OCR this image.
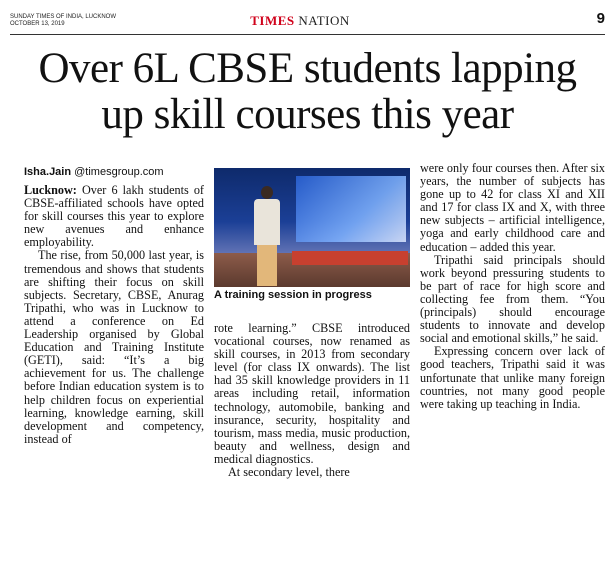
SUNDAY TIMES OF INDIA, LUCKNOW
OCTOBER 13, 2019	TIMES NATION	9
Over 6L CBSE students lapping
up skill courses this year
Isha.Jain @timesgroup.com

Lucknow: Over 6 lakh students of CBSE-affiliated schools have opted for skill courses this year to explore new avenues and enhance employability.

The rise, from 50,000 last year, is tremendous and shows that students are shifting their focus on skill subjects. Secretary, CBSE, Anurag Tripathi, who was in Lucknow to attend a conference on Ed Leadership organised by Global Education and Training Institute (GETI), said: “It’s a big achievement for us. The challenge before Indian education system is to help children focus on experiential learning, knowledge earning, skill development and competency, instead of

A training session in progress

rote learning.” CBSE introduced vocational courses, now renamed as skill courses, in 2013 from secondary level (for class IX onwards). The list had 35 skill knowledge providers in 11 areas including retail, information technology, automobile, banking and insurance, security, hospitality and tourism, mass media, music production, beauty and wellness, design and medical diagnostics.

At secondary level, there

were only four courses then. After six years, the number of subjects has gone up to 42 for class XI and XII and 17 for class IX and X, with three new subjects – artificial intelligence, yoga and early childhood care and education – added this year.

Tripathi said principals should work beyond pressuring students to be part of race for high score and collecting fee from them. “You (principals) should encourage students to innovate and develop social and emotional skills,” he said.

Expressing concern over lack of good teachers, Tripathi said it was unfortunate that unlike many foreign countries, not many good people were taking up teaching in India.
